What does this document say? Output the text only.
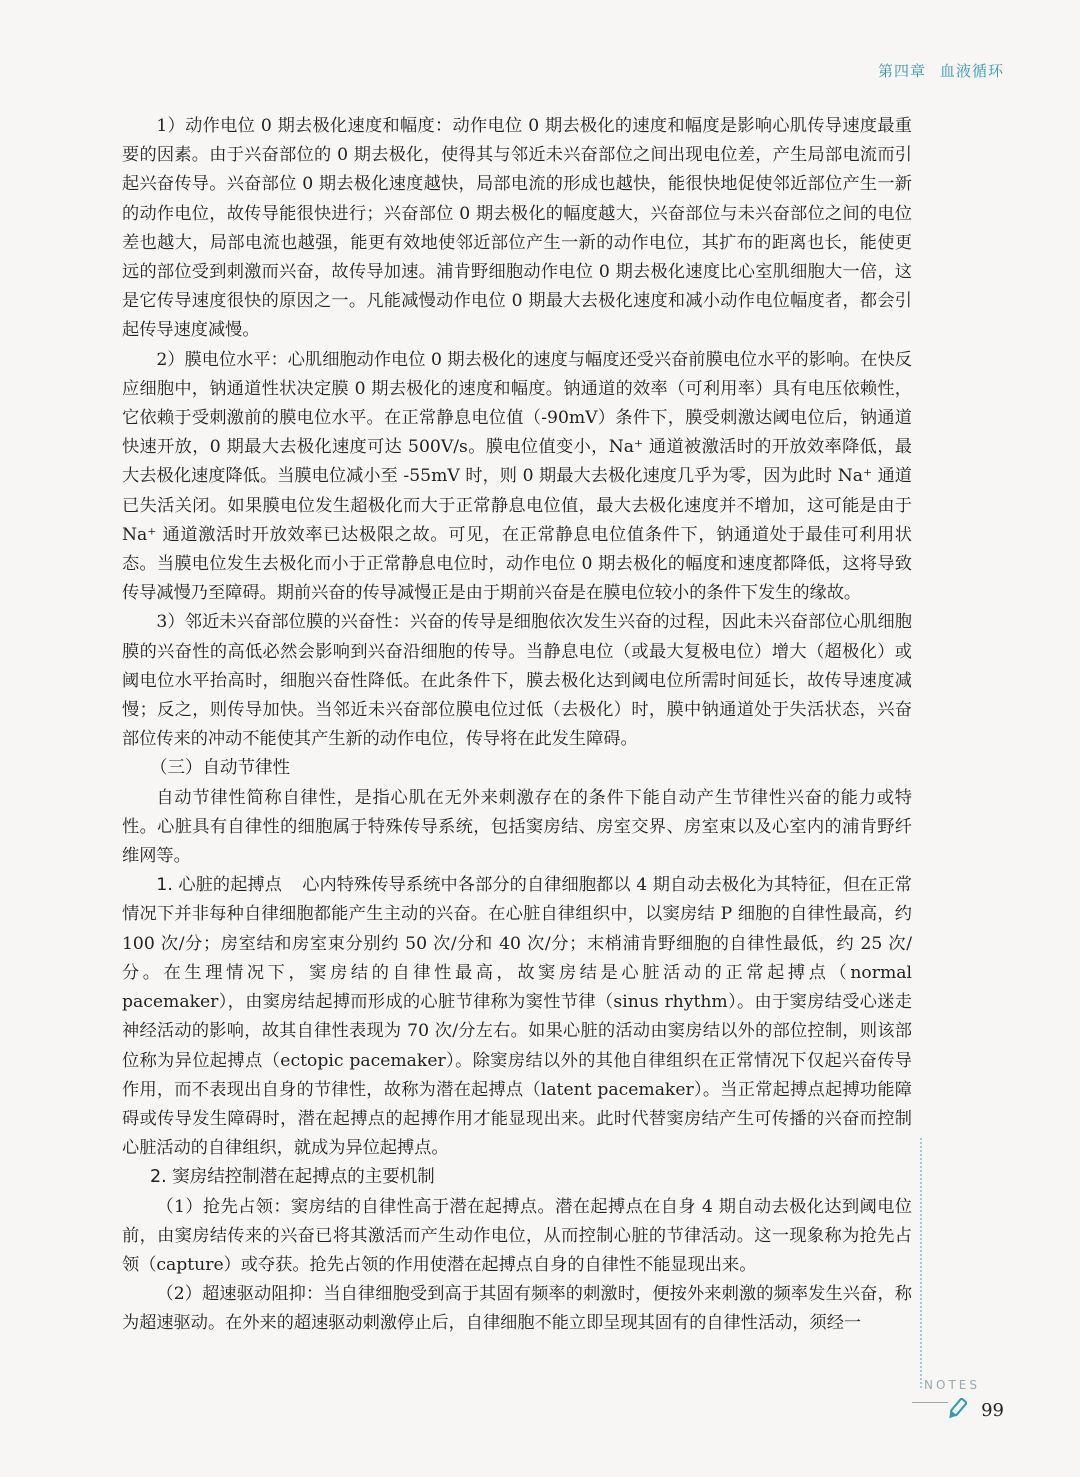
第四章 血液循环

1）动作电位 0 期去极化速度和幅度：动作电位 0 期去极化的速度和幅度是影响心肌传导速度最重要的因素。由于兴奋部位的 0 期去极化，使得其与邻近未兴奋部位之间出现电位差，产生局部电流而引起兴奋传导。兴奋部位 0 期去极化速度越快，局部电流的形成也越快，能很快地促使邻近部位产生一新的动作电位，故传导能很快进行；兴奋部位 0 期去极化的幅度越大，兴奋部位与未兴奋部位之间的电位差也越大，局部电流也越强，能更有效地使邻近部位产生一新的动作电位，其扩布的距离也长，能使更远的部位受到刺激而兴奋，故传导加速。浦肯野细胞动作电位 0 期去极化速度比心室肌细胞大一倍，这是它传导速度很快的原因之一。凡能减慢动作电位 0 期最大去极化速度和减小动作电位幅度者，都会引起传导速度减慢。

2）膜电位水平：心肌细胞动作电位 0 期去极化的速度与幅度还受兴奋前膜电位水平的影响。在快反应细胞中，钠通道性状决定膜 0 期去极化的速度和幅度。钠通道的效率（可利用率）具有电压依赖性，它依赖于受刺激前的膜电位水平。在正常静息电位值（-90mV）条件下，膜受刺激达阈电位后，钠通道快速开放，0 期最大去极化速度可达 500V/s。膜电位值变小，Na⁺ 通道被激活时的开放效率降低，最大去极化速度降低。当膜电位减小至 -55mV 时，则 0 期最大去极化速度几乎为零，因为此时 Na⁺ 通道已失活关闭。如果膜电位发生超极化而大于正常静息电位值，最大去极化速度并不增加，这可能是由于 Na⁺ 通道激活时开放效率已达极限之故。可见，在正常静息电位值条件下，钠通道处于最佳可利用状态。当膜电位发生去极化而小于正常静息电位时，动作电位 0 期去极化的幅度和速度都降低，这将导致传导减慢乃至障碍。期前兴奋的传导减慢正是由于期前兴奋是在膜电位较小的条件下发生的缘故。

3）邻近未兴奋部位膜的兴奋性：兴奋的传导是细胞依次发生兴奋的过程，因此未兴奋部位心肌细胞膜的兴奋性的高低必然会影响到兴奋沿细胞的传导。当静息电位（或最大复极电位）增大（超极化）或阈电位水平抬高时，细胞兴奋性降低。在此条件下，膜去极化达到阈电位所需时间延长，故传导速度减慢；反之，则传导加快。当邻近未兴奋部位膜电位过低（去极化）时，膜中钠通道处于失活状态，兴奋部位传来的冲动不能使其产生新的动作电位，传导将在此发生障碍。

（三）自动节律性

自动节律性简称自律性，是指心肌在无外来刺激存在的条件下能自动产生节律性兴奋的能力或特性。心脏具有自律性的细胞属于特殊传导系统，包括窦房结、房室交界、房室束以及心室内的浦肯野纤维网等。

1. 心脏的起搏点 心内特殊传导系统中各部分的自律细胞都以 4 期自动去极化为其特征，但在正常情况下并非每种自律细胞都能产生主动的兴奋。在心脏自律组织中，以窦房结 P 细胞的自律性最高，约 100 次/分；房室结和房室束分别约 50 次/分和 40 次/分；末梢浦肯野细胞的自律性最低，约 25 次/分。在生理情况下，窦房结的自律性最高，故窦房结是心脏活动的正常起搏点（normal pacemaker），由窦房结起搏而形成的心脏节律称为窦性节律（sinus rhythm）。由于窦房结受心迷走神经活动的影响，故其自律性表现为 70 次/分左右。如果心脏的活动由窦房结以外的部位控制，则该部位称为异位起搏点（ectopic pacemaker）。除窦房结以外的其他自律组织在正常情况下仅起兴奋传导作用，而不表现出自身的节律性，故称为潜在起搏点（latent pacemaker）。当正常起搏点起搏功能障碍或传导发生障碍时，潜在起搏点的起搏作用才能显现出来。此时代替窦房结产生可传播的兴奋而控制心脏活动的自律组织，就成为异位起搏点。

2. 窦房结控制潜在起搏点的主要机制

（1）抢先占领：窦房结的自律性高于潜在起搏点。潜在起搏点在自身 4 期自动去极化达到阈电位前，由窦房结传来的兴奋已将其激活而产生动作电位，从而控制心脏的节律活动。这一现象称为抢先占领（capture）或夺获。抢先占领的作用使潜在起搏点自身的自律性不能显现出来。

（2）超速驱动阻抑：当自律细胞受到高于其固有频率的刺激时，便按外来刺激的频率发生兴奋，称为超速驱动。在外来的超速驱动刺激停止后，自律细胞不能立即呈现其固有的自律性活动，须经一

NOTES
99
